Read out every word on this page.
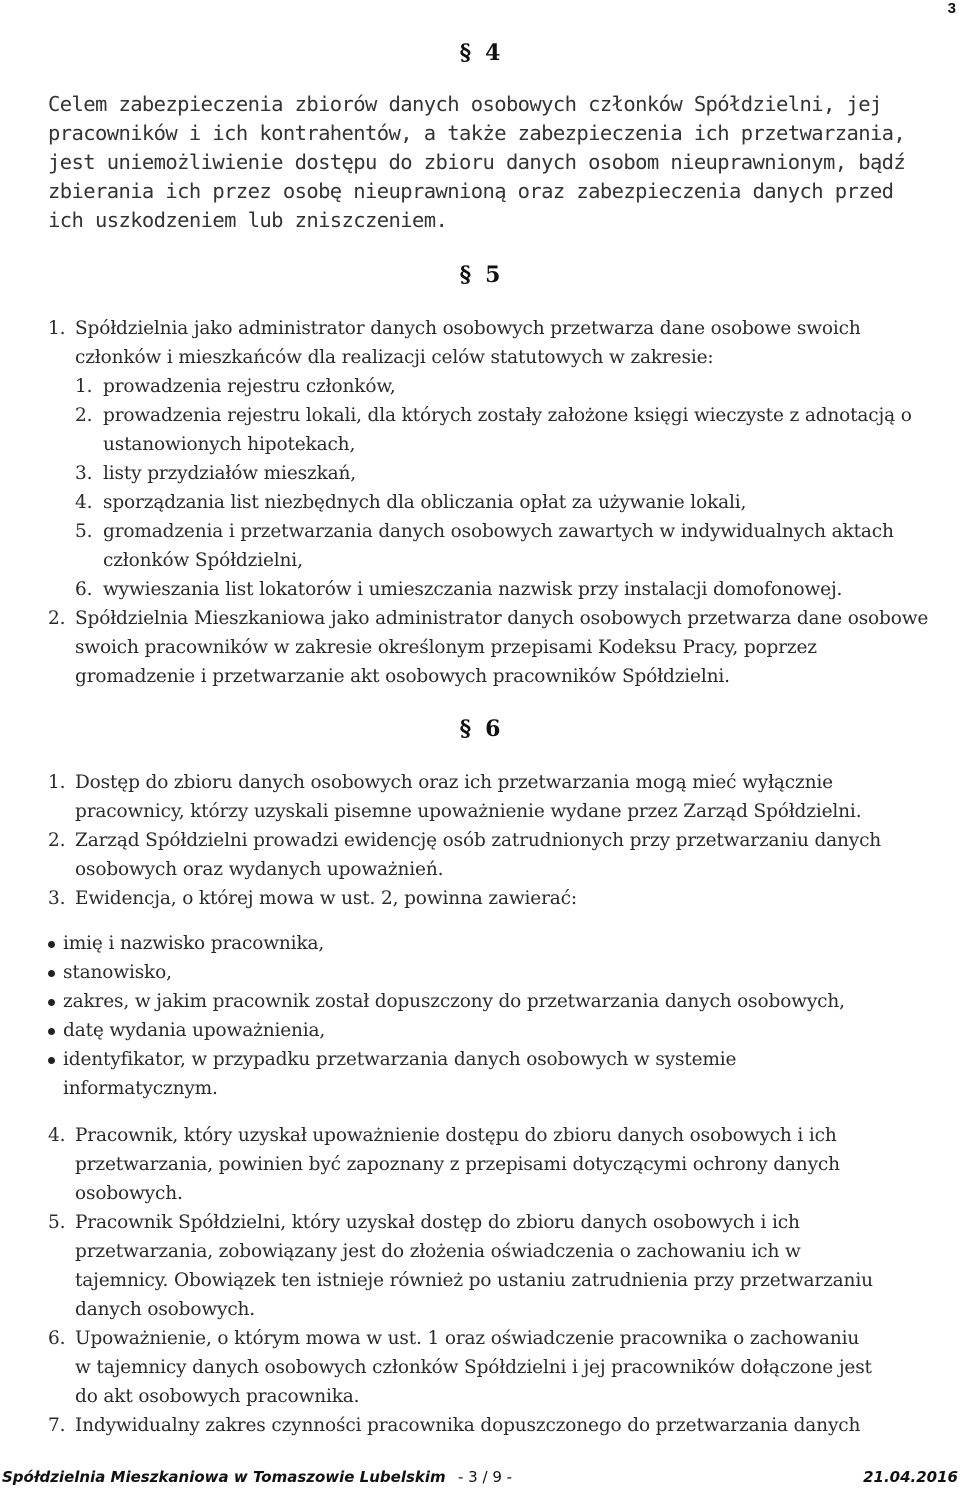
3
§ 4

Celem zabezpieczenia zbiorów danych osobowych członków Spółdzielni, jej pracowników i ich kontrahentów, a także zabezpieczenia ich przetwarzania, jest uniemożliwienie dostępu do zbioru danych osobom nieuprawnionym, bądź zbierania ich przez osobę nieuprawnioną oraz zabezpieczenia danych przed ich uszkodzeniem lub zniszczeniem.

§ 5
1. Spółdzielnia jako administrator danych osobowych przetwarza dane osobowe swoich członków i mieszkańców dla realizacji celów statutowych w zakresie:
1. prowadzenia rejestru członków,
2. prowadzenia rejestru lokali, dla których zostały założone księgi wieczyste z adnotacją o ustanowionych hipotekach,
3. listy przydziałów mieszkań,
4. sporządzania list niezbędnych dla obliczania opłat za używanie lokali,
5. gromadzenia i przetwarzania danych osobowych zawartych w indywidualnych aktach członków Spółdzielni,
6. wywieszania list lokatorów i umieszczania nazwisk przy instalacji domofonowej.
2. Spółdzielnia Mieszkaniowa jako administrator danych osobowych przetwarza dane osobowe swoich pracowników w zakresie określonym przepisami Kodeksu Pracy, poprzez gromadzenie i przetwarzanie akt osobowych pracowników Spółdzielni.
§ 6
1. Dostęp do zbioru danych osobowych oraz ich przetwarzania mogą mieć wyłącznie pracownicy, którzy uzyskali pisemne upoważnienie wydane przez Zarząd Spółdzielni.
2. Zarząd Spółdzielni prowadzi ewidencję osób zatrudnionych przy przetwarzaniu danych osobowych oraz wydanych upoważnień.
3. Ewidencja, o której mowa w ust. 2, powinna zawierać:
imię i nazwisko pracownika,
stanowisko,
zakres, w jakim pracownik został dopuszczony do przetwarzania danych osobowych,
datę wydania upoważnienia,
identyfikator, w przypadku przetwarzania danych osobowych w systemie informatycznym.
4. Pracownik, który uzyskał upoważnienie dostępu do zbioru danych osobowych i ich przetwarzania, powinien być zapoznany z przepisami dotyczącymi ochrony danych osobowych.
5. Pracownik Spółdzielni, który uzyskał dostęp do zbioru danych osobowych i ich przetwarzania, zobowiązany jest do złożenia oświadczenia o zachowaniu ich w tajemnicy. Obowiązek ten istnieje również po ustaniu zatrudnienia przy przetwarzaniu danych osobowych.
6. Upoważnienie, o którym mowa w ust. 1 oraz oświadczenie pracownika o zachowaniu w tajemnicy danych osobowych członków Spółdzielni i jej pracowników dołączone jest do akt osobowych pracownika.
7. Indywidualny zakres czynności pracownika dopuszczonego do przetwarzania danych
Spółdzielnia Mieszkaniowa w Tomaszowie Lubelskim - 3 / 9 -	21.04.2016
